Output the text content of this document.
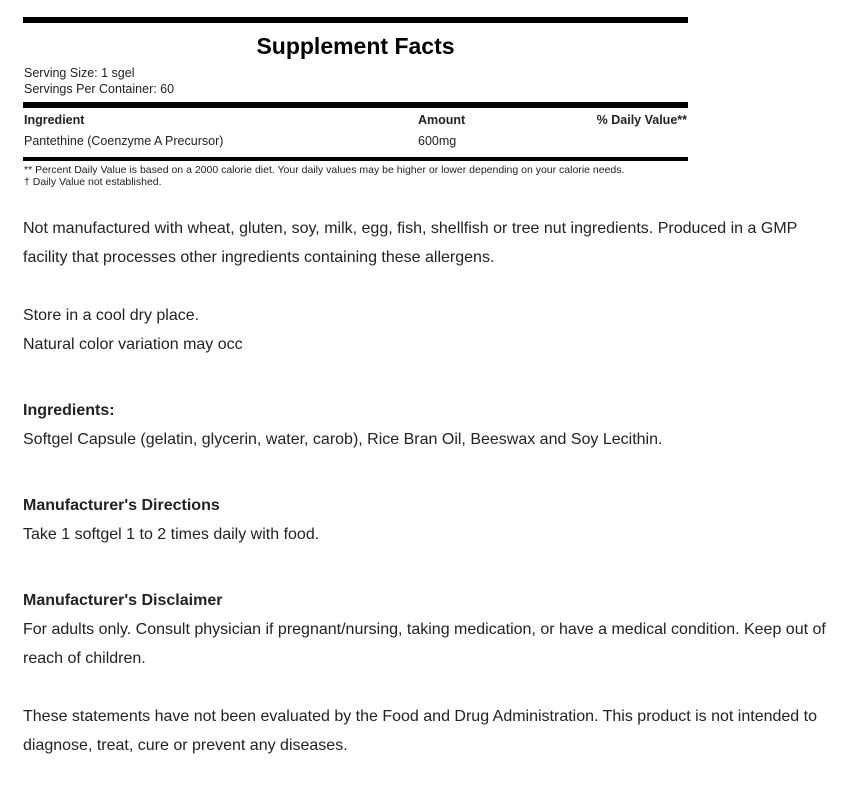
Supplement Facts
Serving Size: 1 sgel
Servings Per Container: 60
Ingredient	Amount	% Daily Value**
Pantethine (Coenzyme A Precursor)	600mg
** Percent Daily Value is based on a 2000 calorie diet. Your daily values may be higher or lower depending on your calorie needs.
† Daily Value not established.

Not manufactured with wheat, gluten, soy, milk, egg, fish, shellfish or tree nut ingredients. Produced in a GMP facility that processes other ingredients containing these allergens.

Store in a cool dry place.

Natural color variation may occ

Ingredients:

Softgel Capsule (gelatin, glycerin, water, carob), Rice Bran Oil, Beeswax and Soy Lecithin.

Manufacturer's Directions

Take 1 softgel 1 to 2 times daily with food.

Manufacturer's Disclaimer

For adults only. Consult physician if pregnant/nursing, taking medication, or have a medical condition. Keep out of reach of children.

These statements have not been evaluated by the Food and Drug Administration. This product is not intended to diagnose, treat, cure or prevent any diseases.
